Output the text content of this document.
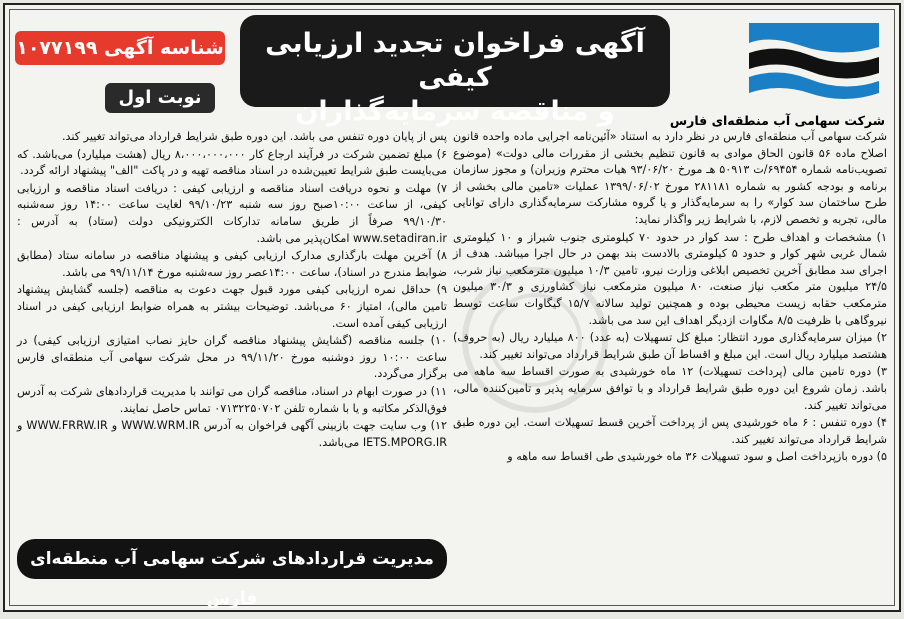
آگهی فراخوان تجدید ارزیابی کیفی
و مناقصه سرمایه‌گذاران
شناسه آگهی ۱۰۷۷۱۹۹
نوبت اول
شرکت سهامی آب منطقه‌ای فارس

شرکت سهامی آب منطقه‌ای فارس در نظر دارد به استناد «آئین‌نامه اجرایی ماده واحده قانون اصلاح ماده ۵۶ قانون الحاق موادی به قانون تنظیم بخشی از مقررات مالی دولت» (موضوع تصویب‌نامه شماره ۶۹۴۵۴/ت ۵۰۹۱۳ هـ مورخ ۹۳/۰۶/۲۰ هیات محترم وزیران) و مجوز سازمان برنامه و بودجه کشور به شماره ۲۸۱۱۸۱ مورخ ۱۳۹۹/۰۶/۰۲ عملیات «تامین مالی بخشی از طرح ساختمان سد کوار» را به سرمایه‌گذار و یا گروه مشارکت سرمایه‌گذاری دارای توانایی مالی، تجربه و تخصص لازم، با شرایط زیر واگذار نماید:

۱) مشخصات و اهداف طرح : سد کوار در حدود ۷۰ کیلومتری جنوب شیراز و ۱۰ کیلومتری شمال غربی شهر کوار و حدود ۵ کیلومتری بالادست بند بهمن در حال اجرا میباشد. هدف از اجرای سد مطابق آخرین تخصیص ابلاغی وزارت نیرو، تامین ۱۰/۳ میلیون مترمکعب نیاز شرب، ۲۴/۵ میلیون متر مکعب نیاز صنعت، ۸۰ میلیون مترمکعب نیاز کشاورزی و ۳۰/۳ میلیون مترمکعب حقابه زیست محیطی بوده و همچنین تولید سالانه ۱۵/۷ گیگاوات ساعت توسط نیروگاهی با ظرفیت ۸/۵ مگاوات ازدیگر اهداف این سد می باشد.

۲) میزان سرمایه‌گذاری مورد انتظار: مبلغ کل تسهیلات (به عدد) ۸۰۰ میلیارد ریال (به حروف) هشتصد میلیارد ریال است. این مبلغ و اقساط آن طبق شرایط قرارداد می‌تواند تغییر کند.

۳) دوره تامین مالی (پرداخت تسهیلات) ۱۲ ماه خورشیدی به صورت اقساط سه ماهه می باشد. زمان شروع این دوره طبق شرایط قرارداد و با توافق سرمایه پذیر و تامین‌کننده مالی، می‌تواند تغییر کند.

۴) دوره تنفس : ۶ ماه خورشیدی پس از پرداخت آخرین قسط تسهیلات است. این دوره طبق شرایط قرارداد می‌تواند تغییر کند.

۵) دوره بازپرداخت اصل و سود تسهیلات ۳۶ ماه خورشیدی طی اقساط سه ماهه و

پس از پایان دوره تنفس می باشد. این دوره طبق شرایط قرارداد می‌تواند تغییر کند.

۶) مبلغ تضمین شرکت در فرآیند ارجاع کار ۸،۰۰۰،۰۰۰،۰۰۰ ریال (هشت میلیارد) می‌باشد. که می‌بایست طبق شرایط تعیین‌شده در اسناد مناقصه تهیه و در پاکت "الف" پیشنهاد ارائه گردد.

۷) مهلت و نحوه دریافت اسناد مناقصه و ارزیابی کیفی : دریافت اسناد مناقصه و ارزیابی کیفی، از ساعت ۱۰:۰۰صبح روز سه شنبه ۹۹/۱۰/۲۳ لغایت ساعت ۱۴:۰۰ روز سه‌شنبه ۹۹/۱۰/۳۰ صرفاً از طریق سامانه تدارکات الکترونیکی دولت (ستاد) به آدرس : www.setadiran.ir امکان‌پذیر می باشد.

۸) آخرین مهلت بارگذاری مدارک ارزیابی کیفی و پیشنهاد مناقصه در سامانه ستاد (مطابق ضوابط مندرج در اسناد)، ساعت ۱۴:۰۰عصر روز سه‌شنبه مورخ ۹۹/۱۱/۱۴ می باشد.

۹) حداقل نمره ارزیابی کیفی مورد قبول جهت دعوت به مناقصه (جلسه گشایش پیشنهاد تامین مالی)، امتیاز ۶۰ می‌باشد. توضیحات بیشتر به همراه ضوابط ارزیابی کیفی در اسناد ارزیابی کیفی آمده است.

۱۰) جلسه مناقصه (گشایش پیشنهاد مناقصه گران حایز نصاب امتیازی ارزیابی کیفی) در ساعت ۱۰:۰۰ روز دوشنبه مورخ ۹۹/۱۱/۲۰ در محل شرکت سهامی آب منطقه‌ای فارس برگزار می‌گردد.

۱۱) در صورت ابهام در اسناد، مناقصه گران می توانند با مدیریت قراردادهای شرکت به آدرس فوق‌الذکر مکاتبه و یا با شماره تلفن ۰۷۱۳۲۲۵۰۷۰۲ تماس حاصل نمایند.

۱۲) وب سایت جهت بازبینی آگهی فراخوان به آدرس WWW.WRM.IR و WWW.FRRW.IR و IETS.MPORG.IR می‌باشد.

مدیریت قراردادهای شرکت سهامی آب منطقه‌ای فارس
